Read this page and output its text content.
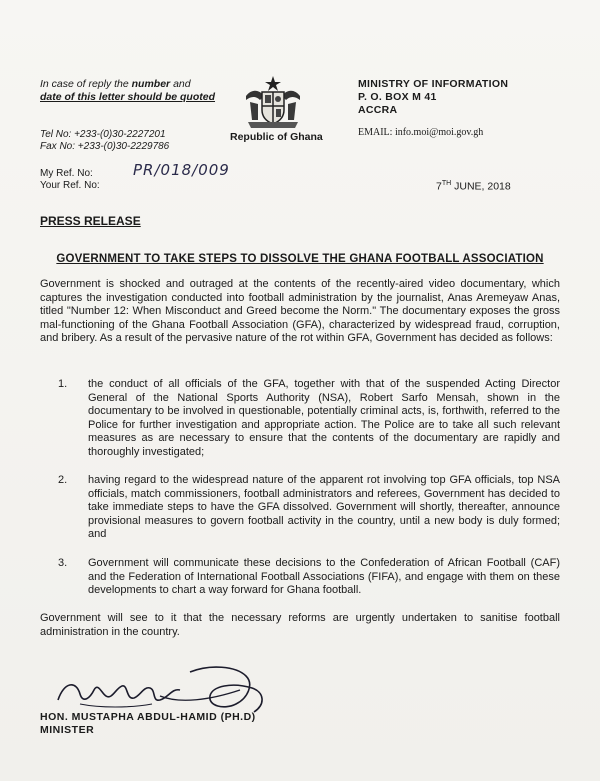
In case of reply the number and
date of this letter should be quoted
Republic of Ghana
MINISTRY OF INFORMATION
P. O. BOX M 41
ACCRA
EMAIL: info.moi@moi.gov.gh
Tel No: +233-(0)30-2227201
Fax No: +233-(0)30-2229786
My Ref. No:
Your Ref. No:
PR/018/009
7TH JUNE, 2018
PRESS RELEASE
GOVERNMENT TO TAKE STEPS TO DISSOLVE THE GHANA FOOTBALL ASSOCIATION

Government is shocked and outraged at the contents of the recently-aired video documentary, which captures the investigation conducted into football administration by the journalist, Anas Aremeyaw Anas, titled "Number 12: When Misconduct and Greed become the Norm." The documentary exposes the gross mal-functioning of the Ghana Football Association (GFA), characterized by widespread fraud, corruption, and bribery. As a result of the pervasive nature of the rot within GFA, Government has decided as follows:

1.	the conduct of all officials of the GFA, together with that of the suspended Acting Director General of the National Sports Authority (NSA), Robert Sarfo Mensah, shown in the documentary to be involved in questionable, potentially criminal acts, is, forthwith, referred to the Police for further investigation and appropriate action. The Police are to take all such relevant measures as are necessary to ensure that the contents of the documentary are rapidly and thoroughly investigated;
2.	having regard to the widespread nature of the apparent rot involving top GFA officials, top NSA officials, match commissioners, football administrators and referees, Government has decided to take immediate steps to have the GFA dissolved. Government will shortly, thereafter, announce provisional measures to govern football activity in the country, until a new body is duly formed; and
3.	Government will communicate these decisions to the Confederation of African Football (CAF) and the Federation of International Football Associations (FIFA), and engage with them on these developments to chart a way forward for Ghana football.
Government will see to it that the necessary reforms are urgently undertaken to sanitise football administration in the country.
HON. MUSTAPHA ABDUL-HAMID (PH.D)
MINISTER
